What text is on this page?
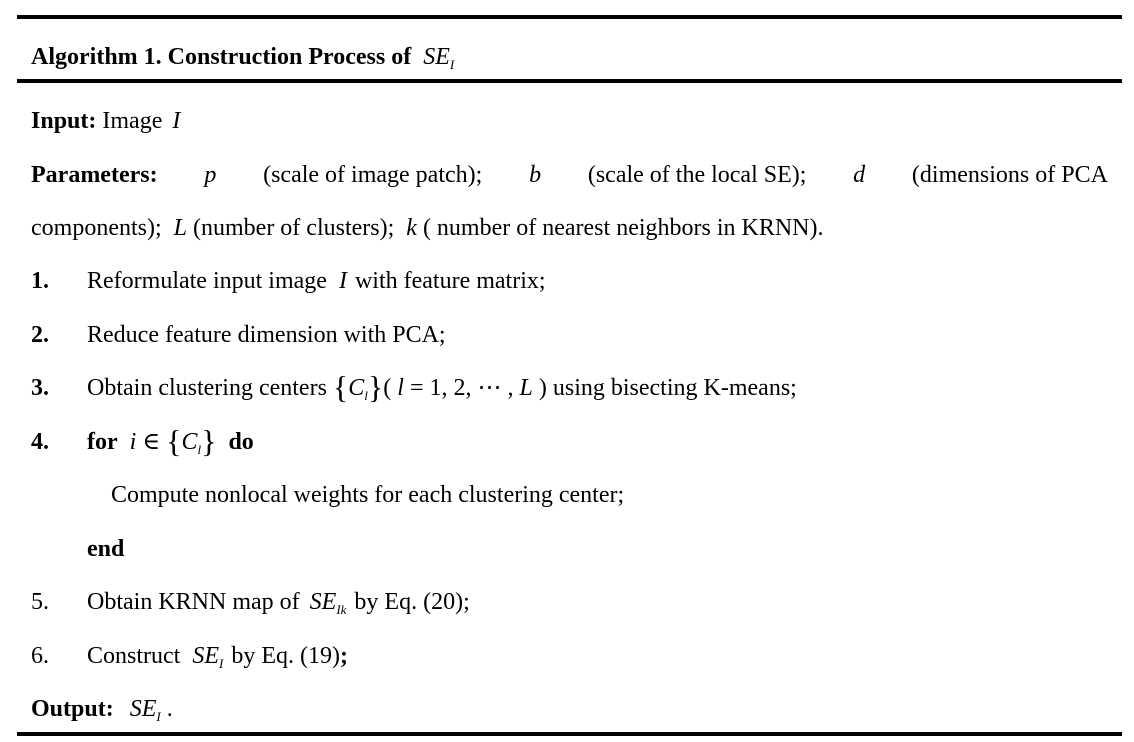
Algorithm 1. Construction Process of $SE_I$
Input: Image I
Parameters: p (scale of image patch); b (scale of the local SE); d (dimensions of PCA
components); L (number of clusters); k ( number of nearest neighbors in KRNN).
1. Reformulate input image I with feature matrix;
2. Reduce feature dimension with PCA;
3. Obtain clustering centers $\{C_l\}$( l = 1, 2, ⋯ , L ) using bisecting K-means;
4. for i ∈ $\{C_l\}$ do
Compute nonlocal weights for each clustering center;
end
5. Obtain KRNN map of $SE_{Ik}$ by Eq. (20);
6. Construct $SE_I$ by Eq. (19);
Output: $SE_I$ .
